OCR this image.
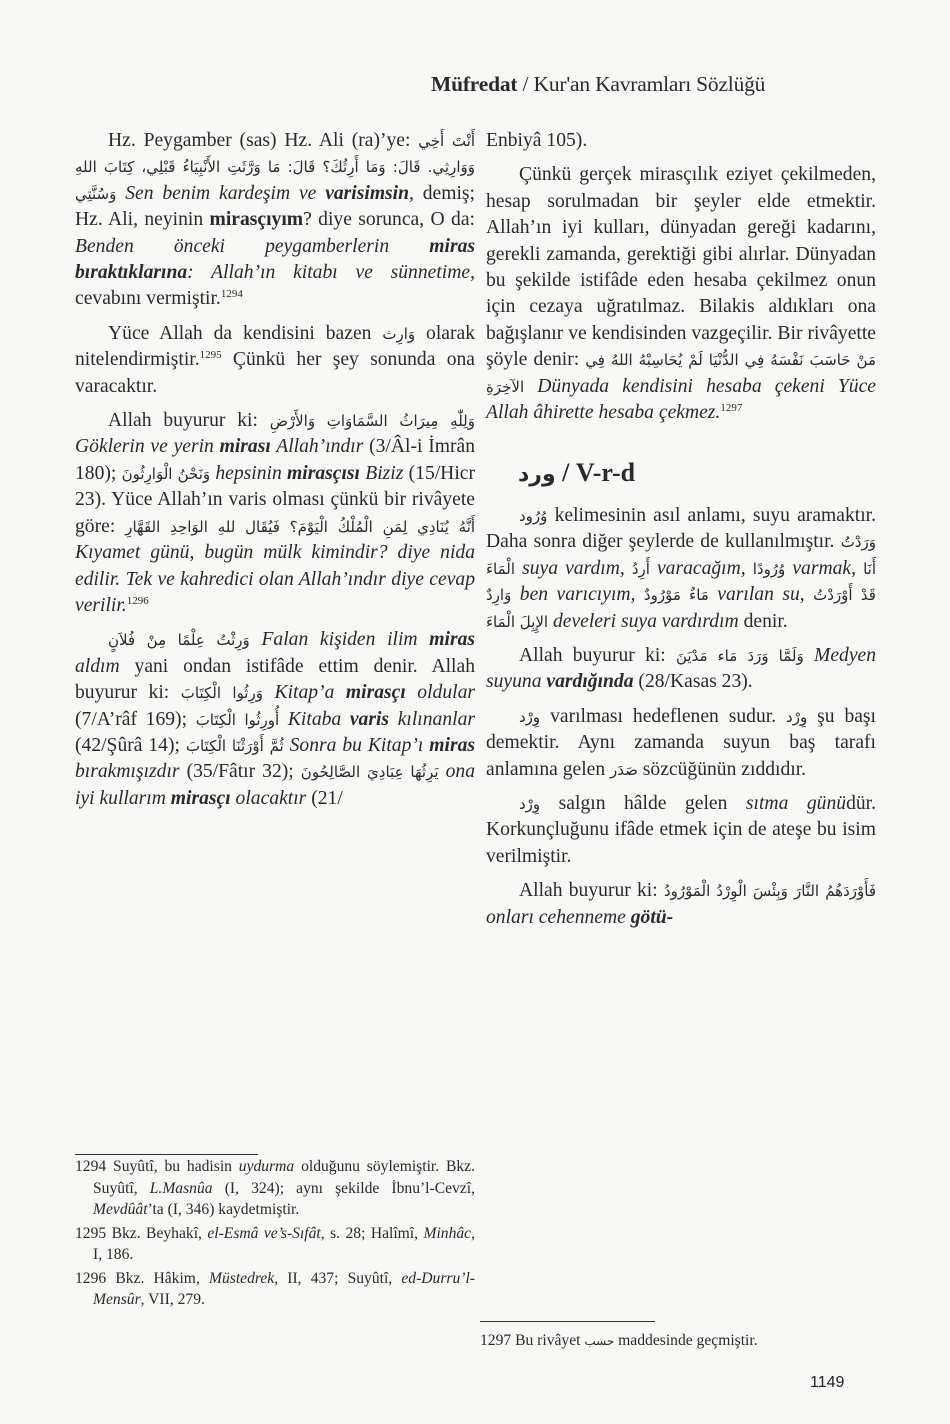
Müfredat / Kur'an Kavramları Sözlüğü

Hz. Peygamber (sas) Hz. Ali (ra)’ye: أَنْتَ أَخِي وَوَارِثِي. قَالَ: وَمَا أَرِثُكَ؟ قَالَ: مَا وَرَّثَتِ الأَنْبِيَاءُ قَبْلِي، كِتَابَ اللهِ وَسُنَّتِي Sen benim kardeşim ve varisimsin, demiş; Hz. Ali, neyinin mirasçıyım? diye sorunca, O da: Benden önceki peygamberlerin miras bıraktıklarına: Allah’ın kitabı ve sünnetime, cevabını vermiştir.$^{1294}$

Yüce Allah da kendisini bazen وَارِث olarak nitelendirmiştir.$^{1295}$ Çünkü her şey sonunda ona varacaktır.

Allah buyurur ki: وَلِلّٰهِ مِيرَاثُ السَّمَاوَاتِ وَالأَرْضِ Göklerin ve yerin mirası Allah’ındır (3/Âl-i İmrân 180); وَنَحْنُ الْوَارِثُونَ hepsinin mirasçısı Biziz (15/Hicr 23). Yüce Allah’ın varis olması çünkü bir rivâyete göre: أَنَّهُ يُنَادِي لِمَنِ الْمُلْكُ الْيَوْمَ؟ فَيُقَال للهِ الوَاحِدِ القَهَّارِ Kıyamet günü, bugün mülk kimindir? diye nida edilir. Tek ve kahredici olan Allah’ındır diye cevap verilir.$^{1296}$

وَرِثْتُ عِلْمًا مِنْ فُلاَنٍ Falan kişiden ilim miras aldım yani ondan istifâde ettim denir. Allah buyurur ki: وَرِثُوا الْكِتَابَ Kitap’a mirasçı oldular (7/A’râf 169); أُورِثُوا الْكِتَابَ Kitaba varis kılınanlar (42/Şûrâ 14); ثُمَّ أَوْرَثْنَا الْكِتَابَ Sonra bu Kitap’ı miras bırakmışızdır (35/Fâtır 32); يَرِثُهَا عِبَادِيَ الصَّالِحُونَ ona iyi kullarım mirasçı olacaktır (21/

1294 Suyûtî, bu hadisin uydurma olduğunu söylemiştir. Bkz. Suyûtî, L.Masnûa (I, 324); aynı şekilde İbnu’l-Cevzî, Mevdûât’ta (I, 346) kaydetmiştir.

1295 Bkz. Beyhakî, el-Esmâ ve’s-Sıfât, s. 28; Halîmî, Minhâc, I, 186.

1296 Bkz. Hâkim, Müstedrek, II, 437; Suyûtî, ed-Durru’l-Mensûr, VII, 279.

Enbiyâ 105).

Çünkü gerçek mirasçılık eziyet çekilmeden, hesap sorulmadan bir şeyler elde etmektir. Allah’ın iyi kulları, dünyadan gereği kadarını, gerekli zamanda, gerektiği gibi alırlar. Dünyadan bu şekilde istifâde eden hesaba çekilmez onun için cezaya uğratılmaz. Bilakis aldıkları ona bağışlanır ve kendisinden vazgeçilir. Bir rivâyette şöyle denir: مَنْ حَاسَبَ نَفْسَهُ فِي الدُّنْيَا لَمْ يُحَاسِبْهُ اللهُ فِي الآخِرَةِ Dünyada kendisini hesaba çekeni Yüce Allah âhirette hesaba çekmez.$^{1297}$

ورد / V-r-d

وُرُود kelimesinin asıl anlamı, suyu aramaktır. Daha sonra diğer şeylerde de kullanılmıştır. وَرَدْتُ الْمَاءَ suya vardım, أَرِدُ varacağım, وُرُودًا varmak, أَنَا وَارِدٌ ben varıcıyım, مَاءٌ مَوْرُودٌ varılan su, قَدْ أَوْرَدْتُ الإِبِلَ الْمَاءَ develeri suya vardırdım denir.

Allah buyurur ki: وَلَمَّا وَرَدَ مَاء مَدْيَنَ Medyen suyuna vardığında (28/Kasas 23).

وِرْد varılması hedeflenen sudur. وِرْد şu başı demektir. Aynı zamanda suyun baş tarafı anlamına gelen صَدَر sözcüğünün zıddıdır.

وِرْد salgın hâlde gelen sıtma günüdür. Korkunçluğunu ifâde etmek için de ateşe bu isim verilmiştir.

Allah buyurur ki: فَأَوْرَدَهُمُ النَّارَ وَبِئْسَ الْوِرْدُ الْمَوْرُودُ onları cehenneme götü-

1297 Bu rivâyet حسب maddesinde geçmiştir.

1149
